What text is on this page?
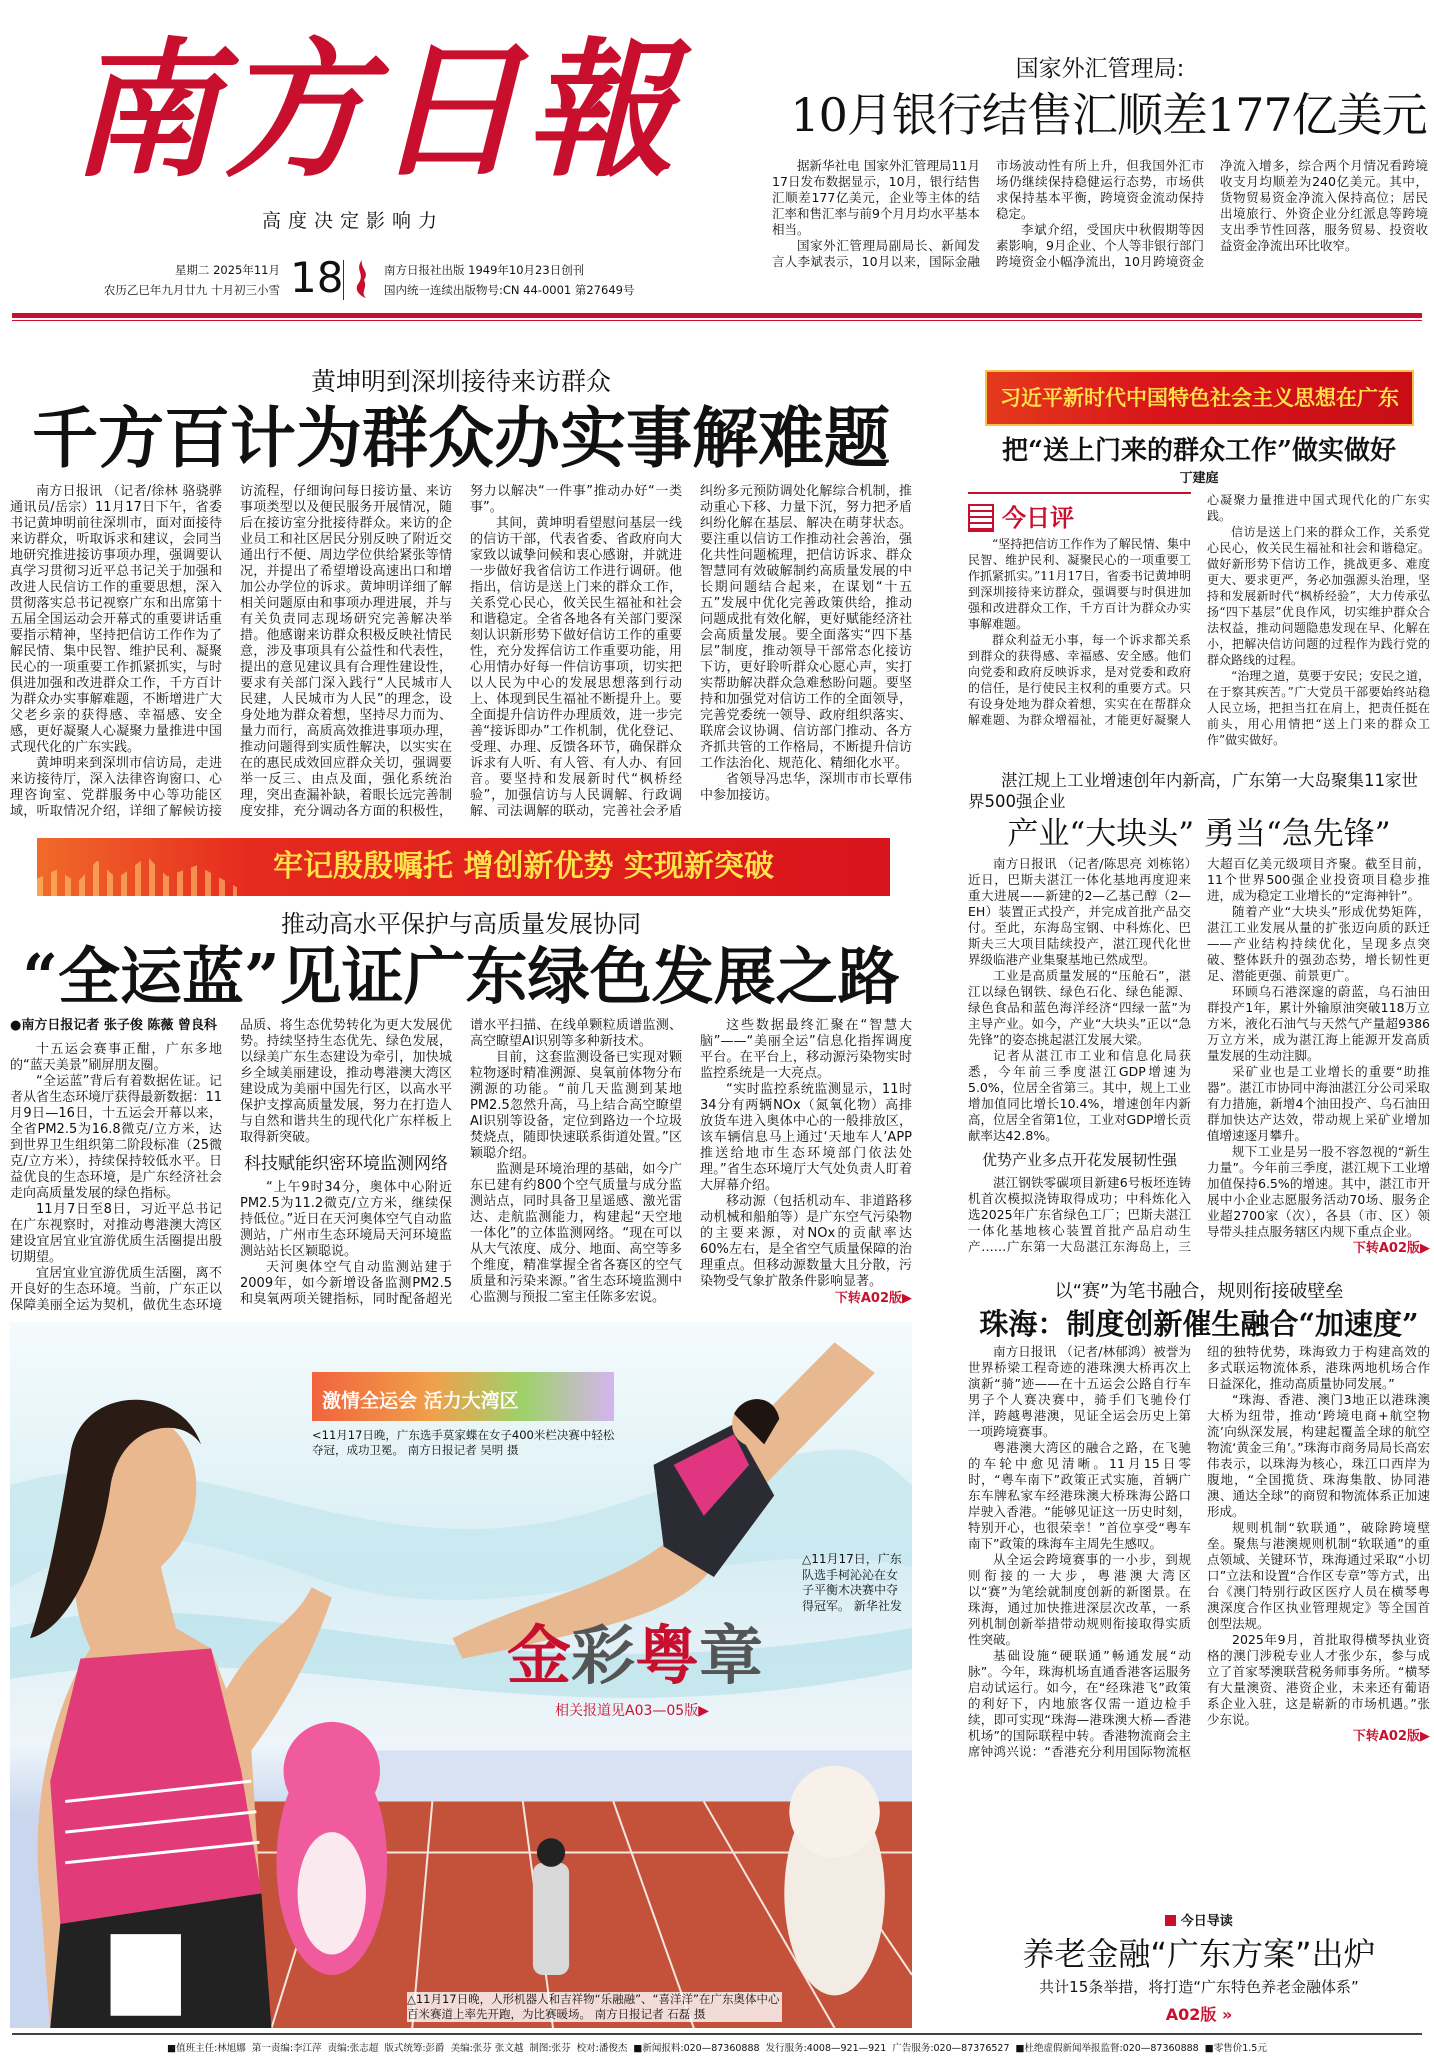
南方日報
高度决定影响力
星期二 2025年11月
农历乙巳年九月廿九 十月初三小雪 18	南方日报社出版 1949年10月23日创刊
国内统一连续出版物号:CN 44-0001 第27649号
国家外汇管理局:
10月银行结售汇顺差177亿美元

据新华社电 国家外汇管理局11月17日发布数据显示，10月，银行结售汇顺差177亿美元，企业等主体的结汇率和售汇率与前9个月月均水平基本相当。

国家外汇管理局副局长、新闻发言人李斌表示，10月以来，国际金融市场波动性有所上升，但我国外汇市场仍继续保持稳健运行态势，市场供求保持基本平衡，跨境资金流动保持稳定。

李斌介绍，受国庆中秋假期等因素影响，9月企业、个人等非银行部门跨境资金小幅净流出，10月跨境资金净流入增多，综合两个月情况看跨境收支月均顺差为240亿美元。其中，货物贸易资金净流入保持高位；居民出境旅行、外资企业分红派息等跨境支出季节性回落，服务贸易、投资收益资金净流出环比收窄。

黄坤明到深圳接待来访群众
千方百计为群众办实事解难题

南方日报讯 （记者/徐林 骆骁骅 通讯员/岳宗）11月17日下午，省委书记黄坤明前往深圳市，面对面接待来访群众，听取诉求和建议，会同当地研究推进接访事项办理，强调要认真学习贯彻习近平总书记关于加强和改进人民信访工作的重要思想，深入贯彻落实总书记视察广东和出席第十五届全国运动会开幕式的重要讲话重要指示精神，坚持把信访工作作为了解民情、集中民智、维护民利、凝聚民心的一项重要工作抓紧抓实，与时俱进加强和改进群众工作，千方百计为群众办实事解难题，不断增进广大父老乡亲的获得感、幸福感、安全感，更好凝聚人心凝聚力量推进中国式现代化的广东实践。

黄坤明来到深圳市信访局，走进来访接待厅，深入法律咨询窗口、心理咨询室、党群服务中心等功能区域，听取情况介绍，详细了解候访接访流程，仔细询问每日接访量、来访事项类型以及便民服务开展情况，随后在接访室分批接待群众。来访的企业员工和社区居民分别反映了附近交通出行不便、周边学位供给紧张等情况，并提出了希望增设高速出口和增加公办学位的诉求。黄坤明详细了解相关问题原由和事项办理进展，并与有关负责同志现场研究完善解决举措。他感谢来访群众积极反映社情民意，涉及事项具有公益性和代表性，提出的意见建议具有合理性建设性，要求有关部门深入践行“人民城市人民建，人民城市为人民”的理念，设身处地为群众着想，坚持尽力而为、量力而行，高质高效推进事项办理，推动问题得到实质性解决，以实实在在的惠民成效回应群众关切，强调要举一反三、由点及面，强化系统治理，突出查漏补缺，着眼长远完善制度安排，充分调动各方面的积极性，努力以解决“一件事”推动办好“一类事”。

其间，黄坤明看望慰问基层一线的信访干部，代表省委、省政府向大家致以诚挚问候和衷心感谢，并就进一步做好我省信访工作进行调研。他指出，信访是送上门来的群众工作，关系党心民心，攸关民生福祉和社会和谐稳定。全省各地各有关部门要深刻认识新形势下做好信访工作的重要性，充分发挥信访工作重要功能，用心用情办好每一件信访事项，切实把以人民为中心的发展思想落到行动上、体现到民生福祉不断提升上。要全面提升信访件办理质效，进一步完善“接诉即办”工作机制，优化登记、受理、办理、反馈各环节，确保群众诉求有人听、有人管、有人办、有回音。要坚持和发展新时代“枫桥经验”，加强信访与人民调解、行政调解、司法调解的联动，完善社会矛盾纠纷多元预防调处化解综合机制，推动重心下移、力量下沉，努力把矛盾纠纷化解在基层、解决在萌芽状态。要注重以信访工作推动社会善治，强化共性问题梳理，把信访诉求、群众智慧同有效破解制约高质量发展的中长期问题结合起来，在谋划“十五五”发展中优化完善政策供给，推动问题成批有效化解，更好赋能经济社会高质量发展。要全面落实“四下基层”制度，推动领导干部常态化接访下访，更好聆听群众心愿心声，实打实帮助解决群众急难愁盼问题。要坚持和加强党对信访工作的全面领导，完善党委统一领导、政府组织落实、联席会议协调、信访部门推动、各方齐抓共管的工作格局，不断提升信访工作法治化、规范化、精细化水平。

省领导冯忠华，深圳市市长覃伟中参加接访。

牢记殷殷嘱托 增创新优势 实现新突破
推动高水平保护与高质量发展协同
“全运蓝”见证广东绿色发展之路
●南方日报记者 张子俊 陈薇 曾良科

十五运会赛事正酣，广东多地的“蓝天美景”刷屏朋友圈。

“全运蓝”背后有着数据佐证。记者从省生态环境厅获得最新数据：11月9日—16日，十五运会开幕以来，全省PM2.5为16.8微克/立方米，达到世界卫生组织第二阶段标准（25微克/立方米），持续保持较低水平。日益优良的生态环境，是广东经济社会走向高质量发展的绿色指标。

11月7日至8日，习近平总书记在广东视察时，对推动粤港澳大湾区建设宜居宜业宜游优质生活圈提出殷切期望。

宜居宜业宜游优质生活圈，离不开良好的生态环境。当前，广东正以保障美丽全运为契机，做优生态环境品质、将生态优势转化为更大发展优势。持续坚持生态优先、绿色发展，以绿美广东生态建设为牵引，加快城乡全域美丽建设，推动粤港澳大湾区建设成为美丽中国先行区，以高水平保护支撑高质量发展，努力在打造人与自然和谐共生的现代化广东样板上取得新突破。

科技赋能织密环境监测网络

“上午9时34分，奥体中心附近PM2.5为11.2微克/立方米，继续保持低位。”近日在天河奥体空气自动监测站，广州市生态环境局天河环境监测站站长区颖聪说。

天河奥体空气自动监测站建于2009年，如今新增设备监测PM2.5和臭氧两项关键指标，同时配备超光谱水平扫描、在线单颗粒质谱监测、高空瞭望AI识别等多种新技术。

目前，这套监测设备已实现对颗粒物逐时精准溯源、臭氧前体物分布溯源的功能。“前几天监测到某地PM2.5忽然升高，马上结合高空瞭望AI识别等设备，定位到路边一个垃圾焚烧点，随即快速联系街道处置。”区颖聪介绍。

监测是环境治理的基础，如今广东已建有约800个空气质量与成分监测站点，同时具备卫星遥感、激光雷达、走航监测能力，构建起“天空地一体化”的立体监测网络。“现在可以从大气浓度、成分、地面、高空等多个维度，精准掌握全省各赛区的空气质量和污染来源。”省生态环境监测中心监测与预报二室主任陈多宏说。

这些数据最终汇聚在“智慧大脑”——“美丽全运”信息化指挥调度平台。在平台上，移动源污染物实时监控系统是一大亮点。

“实时监控系统监测显示，11时34分有两辆NOx（氮氧化物）高排放货车进入奥体中心的一般排放区，该车辆信息马上通过‘天地车人’APP推送给地市生态环境部门依法处理。”省生态环境厅大气处负责人盯着大屏幕介绍。

移动源（包括机动车、非道路移动机械和船舶等）是广东空气污染物的主要来源，对NOx的贡献率达60%左右，是全省空气质量保障的治理重点。但移动源数量大且分散，污染物受气象扩散条件影响显著。

下转A02版▶
激情全运会 活力大湾区
<11月17日晚，广东选手莫家蝶在女子400米栏决赛中轻松夺冠，成功卫冕。 南方日报记者 吴明 摄
△11月17日，广东队选手柯沁沁在女子平衡木决赛中夺得冠军。 新华社发
金彩粤章
相关报道见A03—05版▶
△11月17日晚，人形机器人和吉祥物“乐融融”、“喜洋洋”在广东奥体中心百米赛道上率先开跑，为比赛暖场。 南方日报记者 石磊 摄
习近平新时代中国特色社会主义思想在广东
把“送上门来的群众工作”做实做好
丁建庭
今日评

“坚持把信访工作作为了解民情、集中民智、维护民利、凝聚民心的一项重要工作抓紧抓实。”11月17日，省委书记黄坤明到深圳接待来访群众，强调要与时俱进加强和改进群众工作，千方百计为群众办实事解难题。

群众利益无小事，每一个诉求都关系到群众的获得感、幸福感、安全感。他们向党委和政府反映诉求，是对党委和政府的信任，是行使民主权利的重要方式。只有设身处地为群众着想，实实在在帮群众解难题、为群众增福祉，才能更好凝聚人心凝聚力量推进中国式现代化的广东实践。

信访是送上门来的群众工作，关系党心民心，攸关民生福祉和社会和谐稳定。做好新形势下信访工作，挑战更多、难度更大、要求更严，务必加强源头治理，坚持和发展新时代“枫桥经验”，大力传承弘扬“四下基层”优良作风，切实维护群众合法权益，推动问题隐患发现在早、化解在小，把解决信访问题的过程作为践行党的群众路线的过程。

“治理之道，莫要于安民；安民之道，在于察其疾苦。”广大党员干部要始终站稳人民立场，把担当扛在肩上，把责任挺在前头，用心用情把“送上门来的群众工作”做实做好。

湛江规上工业增速创年内新高，广东第一大岛聚集11家世界500强企业
产业“大块头” 勇当“急先锋”

南方日报讯 （记者/陈思亮 刘栋铭）近日，巴斯夫湛江一体化基地再度迎来重大进展——新建的2—乙基己醇（2—EH）装置正式投产，并完成首批产品交付。至此，东海岛宝钢、中科炼化、巴斯夫三大项目陆续投产，湛江现代化世界级临港产业集聚基地已然成型。

工业是高质量发展的“压舱石”，湛江以绿色钢铁、绿色石化、绿色能源、绿色食品和蓝色海洋经济“四绿一蓝”为主导产业。如今，产业“大块头”正以“急先锋”的姿态挑起湛江发展大梁。

记者从湛江市工业和信息化局获悉，今年前三季度湛江GDP增速为5.0%，位居全省第三。其中，规上工业增加值同比增长10.4%，增速创年内新高，位居全省第1位，工业对GDP增长贡献率达42.8%。

优势产业多点开花发展韧性强

湛江钢铁零碳项目新建6号板坯连铸机首次模拟浇铸取得成功；中科炼化入选2025年广东省绿色工厂；巴斯夫湛江一体化基地核心装置首批产品启动生产……广东第一大岛湛江东海岛上，三大超百亿美元级项目齐聚。截至目前，11个世界500强企业投资项目稳步推进，成为稳定工业增长的“定海神针”。

随着产业“大块头”形成优势矩阵，湛江工业发展从量的扩张迈向质的跃迁——产业结构持续优化，呈现多点突破、整体跃升的强劲态势，增长韧性更足、潜能更强、前景更广。

环顾乌石港深邃的蔚蓝，乌石油田群投产1年，累计外输原油突破118万立方米，液化石油气与天然气产量超9386万立方米，成为湛江海上能源开发高质量发展的生动注脚。

采矿业也是工业增长的重要“助推器”。湛江市协同中海油湛江分公司采取有力措施，新增4个油田投产、乌石油田群加快达产达效，带动规上采矿业增加值增速逐月攀升。

规下工业是另一股不容忽视的“新生力量”。今年前三季度，湛江规下工业增加值保持6.5%的增速。其中，湛江市开展中小企业志愿服务活动70场、服务企业超2700家（次），各县（市、区）领导带头挂点服务辖区内规下重点企业。

下转A02版▶
以“赛”为笔书融合，规则衔接破壁垒
珠海：制度创新催生融合“加速度”

南方日报讯 （记者/林郁鸿）被誉为世界桥梁工程奇迹的港珠澳大桥再次上演新“骑”迹——在十五运会公路自行车男子个人赛决赛中，骑手们飞驰伶仃洋，跨越粤港澳，见证全运会历史上第一项跨境赛事。

粤港澳大湾区的融合之路，在飞驰的车轮中愈见清晰。11月15日零时，“粤车南下”政策正式实施，首辆广东车牌私家车经港珠澳大桥珠海公路口岸驶入香港。“能够见证这一历史时刻，特别开心，也很荣幸！”首位享受“粤车南下”政策的珠海车主周先生感叹。

从全运会跨境赛事的一小步，到规则衔接的一大步，粤港澳大湾区以“赛”为笔绘就制度创新的新图景。在珠海，通过加快推进深层次改革，一系列机制创新举措带动规则衔接取得实质性突破。

基础设施“硬联通”畅通发展“动脉”。今年，珠海机场直通香港客运服务启动试运行。如今，在“经珠港飞”政策的利好下，内地旅客仅需一道边检手续，即可实现“珠海—港珠澳大桥—香港机场”的国际联程中转。香港物流商会主席钟鸿兴说：“香港充分利用国际物流枢纽的独特优势，珠海致力于构建高效的多式联运物流体系，港珠两地机场合作日益深化，推动高质量协同发展。”

“珠海、香港、澳门3地正以港珠澳大桥为纽带，推动‘跨境电商+航空物流’向纵深发展，构建起覆盖全球的航空物流‘黄金三角’。”珠海市商务局局长高宏伟表示，以珠海为核心，珠江口西岸为腹地，“全国揽货、珠海集散、协同港澳、通达全球”的商贸和物流体系正加速形成。

规则机制“软联通”，破除跨境壁垒。聚焦与港澳规则机制“软联通”的重点领域、关键环节，珠海通过采取“小切口”立法和设置“合作区专章”等方式，出台《澳门特别行政区医疗人员在横琴粤澳深度合作区执业管理规定》等全国首创型法规。

2025年9月，首批取得横琴执业资格的澳门涉税专业人才张少东，参与成立了首家琴澳联营税务师事务所。“横琴有大量澳资、港资企业，未来还有葡语系企业入驻，这是崭新的市场机遇。”张少东说。

下转A02版▶
今日导读
养老金融“广东方案”出炉
共计15条举措，将打造“广东特色养老金融体系”
A02版 »
■值班主任:林旭娜 第一责编:李江萍 责编:张志超 版式统筹:彭爵 美编:张芬 张文越 制图:张芬 校对:潘俊杰 ■新闻报料:020—87360888 发行服务:4008—921—921 广告服务:020—87376527 ■杜绝虚假新闻举报监督:020—87360888 ■零售价1.5元
